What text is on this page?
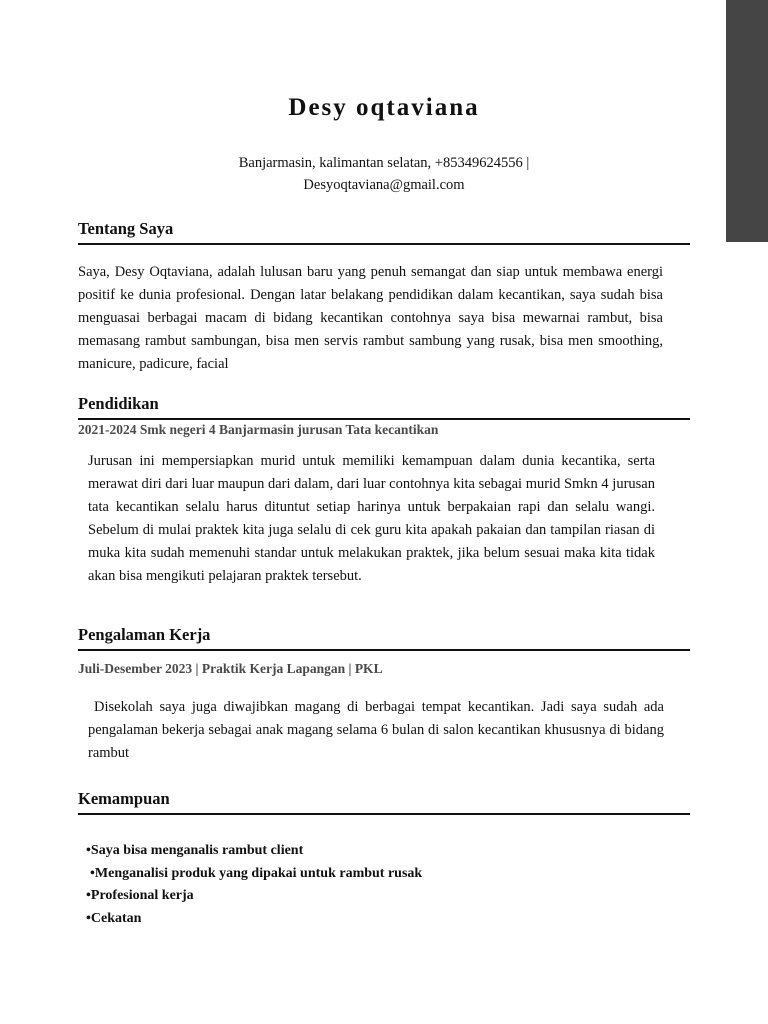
Desy oqtaviana
Banjarmasin, kalimantan selatan, +85349624556 |
Desyoqtaviana@gmail.com
Tentang Saya

Saya, Desy Oqtaviana, adalah lulusan baru yang penuh semangat dan siap untuk membawa energi positif ke dunia profesional. Dengan latar belakang pendidikan dalam kecantikan, saya sudah bisa menguasai berbagai macam di bidang kecantikan contohnya saya bisa mewarnai rambut, bisa memasang rambut sambungan, bisa men servis rambut sambung yang rusak, bisa men smoothing, manicure, padicure, facial

Pendidikan
2021-2024 Smk negeri 4 Banjarmasin jurusan Tata kecantikan

Jurusan ini mempersiapkan murid untuk memiliki kemampuan dalam dunia kecantika, serta merawat diri dari luar maupun dari dalam, dari luar contohnya kita sebagai murid Smkn 4 jurusan tata kecantikan selalu harus dituntut setiap harinya untuk berpakaian rapi dan selalu wangi. Sebelum di mulai praktek kita juga selalu di cek guru kita apakah pakaian dan tampilan riasan di muka kita sudah memenuhi standar untuk melakukan praktek, jika belum sesuai maka kita tidak akan bisa mengikuti pelajaran praktek tersebut.

Pengalaman Kerja
Juli-Desember 2023 | Praktik Kerja Lapangan | PKL

Disekolah saya juga diwajibkan magang di berbagai tempat kecantikan. Jadi saya sudah ada pengalaman bekerja sebagai anak magang selama 6 bulan di salon kecantikan khususnya di bidang rambut

Kemampuan
•Saya bisa menganalis rambut client
•Menganalisi produk yang dipakai untuk rambut rusak
•Profesional kerja
•Cekatan
